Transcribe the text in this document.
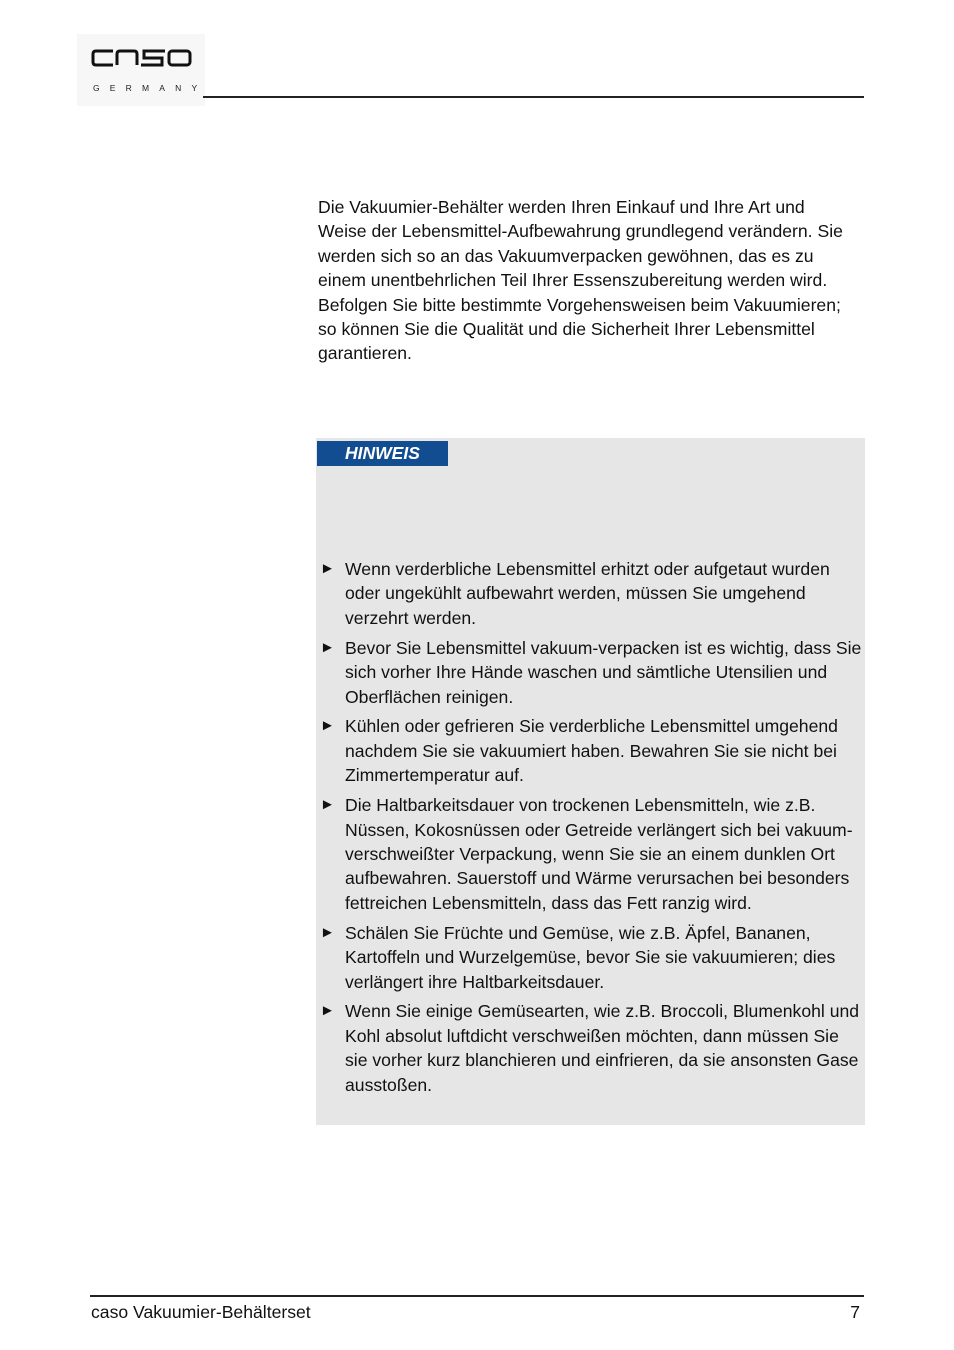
GERMANY

Die Vakuumier-Behälter werden Ihren Einkauf und Ihre Art und Weise der Lebensmittel-Aufbewahrung grundlegend verändern. Sie werden sich so an das Vakuumverpacken gewöhnen, das es zu einem unentbehrlichen Teil Ihrer Essenszubereitung werden wird. Befolgen Sie bitte bestimmte Vorgehensweisen beim Vakuumieren; so können Sie die Qualität und die Sicherheit Ihrer Lebensmittel garantieren.

HINWEIS
► Wenn verderbliche Lebensmittel erhitzt oder aufgetaut wurden oder ungekühlt aufbewahrt werden, müssen Sie umgehend verzehrt werden.
► Bevor Sie Lebensmittel vakuum-verpacken ist es wichtig, dass Sie sich vorher Ihre Hände waschen und sämtliche Utensilien und Oberflächen reinigen.
► Kühlen oder gefrieren Sie verderbliche Lebensmittel umgehend nachdem Sie sie vakuumiert haben. Bewahren Sie sie nicht bei Zimmertemperatur auf.
► Die Haltbarkeitsdauer von trockenen Lebensmitteln, wie z.B. Nüssen, Kokosnüssen oder Getreide verlängert sich bei vakuum- verschweißter Verpackung, wenn Sie sie an einem dunklen Ort aufbewahren. Sauerstoff und Wärme verursachen bei besonders fettreichen Lebensmitteln, dass das Fett ranzig wird.
► Schälen Sie Früchte und Gemüse, wie z.B. Äpfel, Bananen, Kartoffeln und Wurzelgemüse, bevor Sie sie vakuumieren; dies verlängert ihre Haltbarkeitsdauer.
► Wenn Sie einige Gemüsearten, wie z.B. Broccoli, Blumenkohl und Kohl absolut luftdicht verschweißen möchten, dann müssen Sie sie vorher kurz blanchieren und einfrieren, da sie ansonsten Gase ausstoßen.
caso Vakuumier-Behälterset	7
